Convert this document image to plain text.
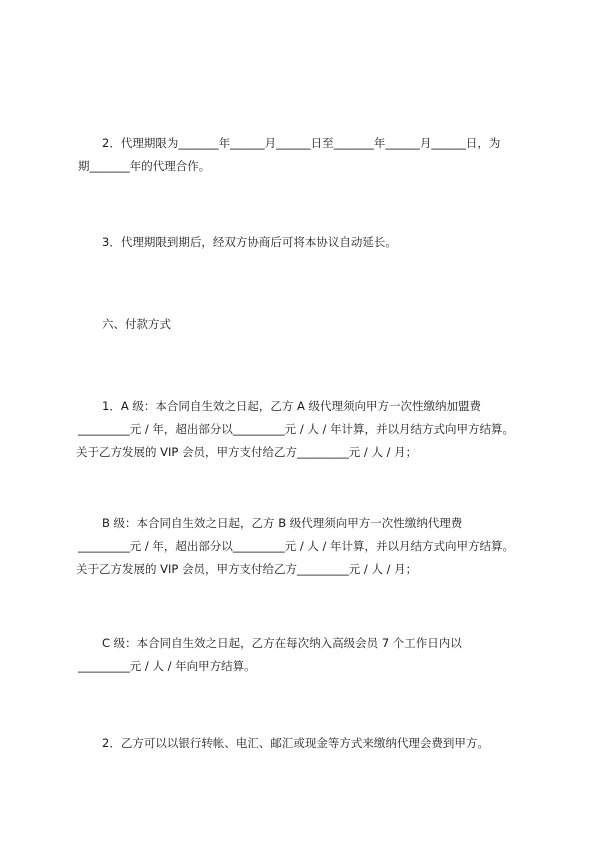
2．代理期限为_______年______月______日至_______年______月______日，为
期_______年的代理合作。
3．代理期限到期后，经双方协商后可将本协议自动延长。
六、付款方式
1．A 级：本合同自生效之日起，乙方 A 级代理须向甲方一次性缴纳加盟费
_________元 / 年，超出部分以_________元 / 人 / 年计算，并以月结方式向甲方结算。
关于乙方发展的 VIP 会员，甲方支付给乙方_________元 / 人 / 月；
B 级：本合同自生效之日起，乙方 B 级代理须向甲方一次性缴纳代理费
_________元 / 年，超出部分以_________元 / 人 / 年计算，并以月结方式向甲方结算。
关于乙方发展的 VIP 会员，甲方支付给乙方_________元 / 人 / 月；
C 级：本合同自生效之日起，乙方在每次纳入高级会员 7 个工作日内以
_________元 / 人 / 年向甲方结算。
2．乙方可以以银行转帐、电汇、邮汇或现金等方式来缴纳代理会费到甲方。
